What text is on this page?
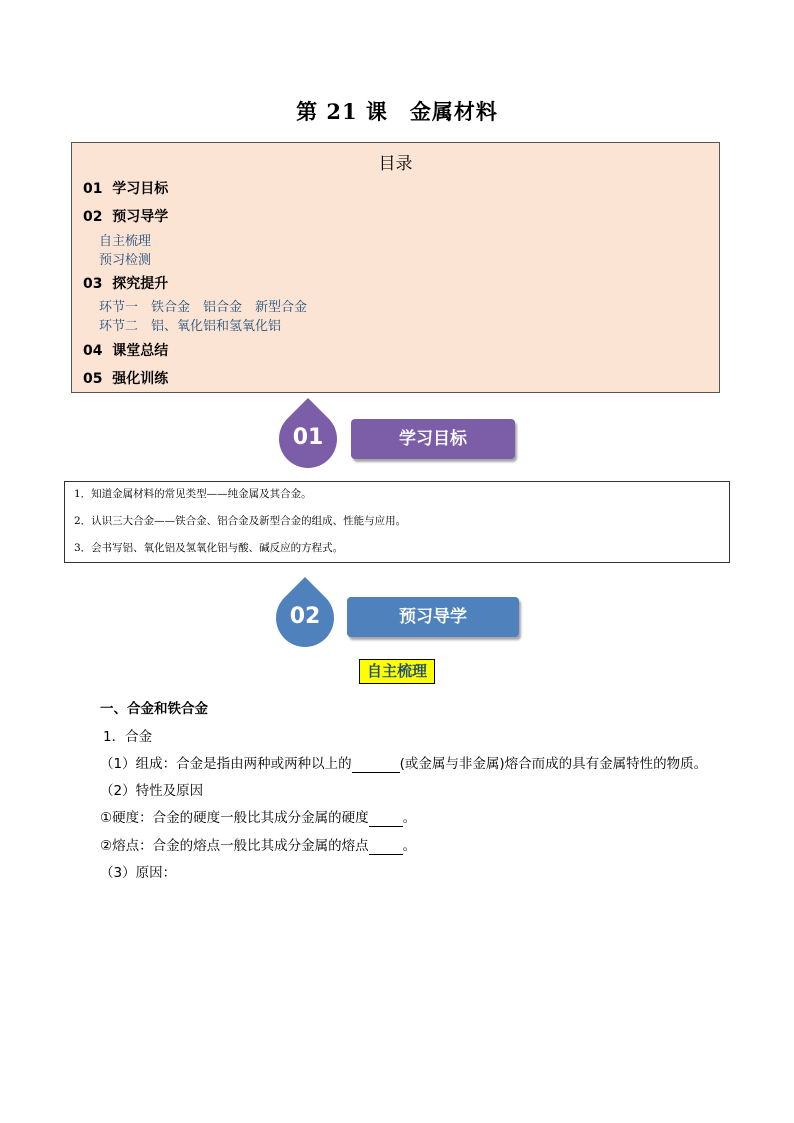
第 21 课　金属材料
目录
01 学习目标
02 预习导学
自主梳理
预习检测
03 探究提升
环节一　铁合金　铝合金　新型合金
环节二　铝、氧化铝和氢氧化铝
04 课堂总结
05 强化训练
01	学习目标
1．知道金属材料的常见类型——纯金属及其合金。
2．认识三大合金——铁合金、铝合金及新型合金的组成、性能与应用。
3．会书写铝、氧化铝及氢氧化铝与酸、碱反应的方程式。
02	预习导学
自主梳理
一、合金和铁合金
1．合金
（1）组成：合金是指由两种或两种以上的	(或金属与非金属)熔合而成的具有金属特性的物质。
（2）特性及原因
①硬度：合金的硬度一般比其成分金属的硬度	。
②熔点：合金的熔点一般比其成分金属的熔点	。
（3）原因：
